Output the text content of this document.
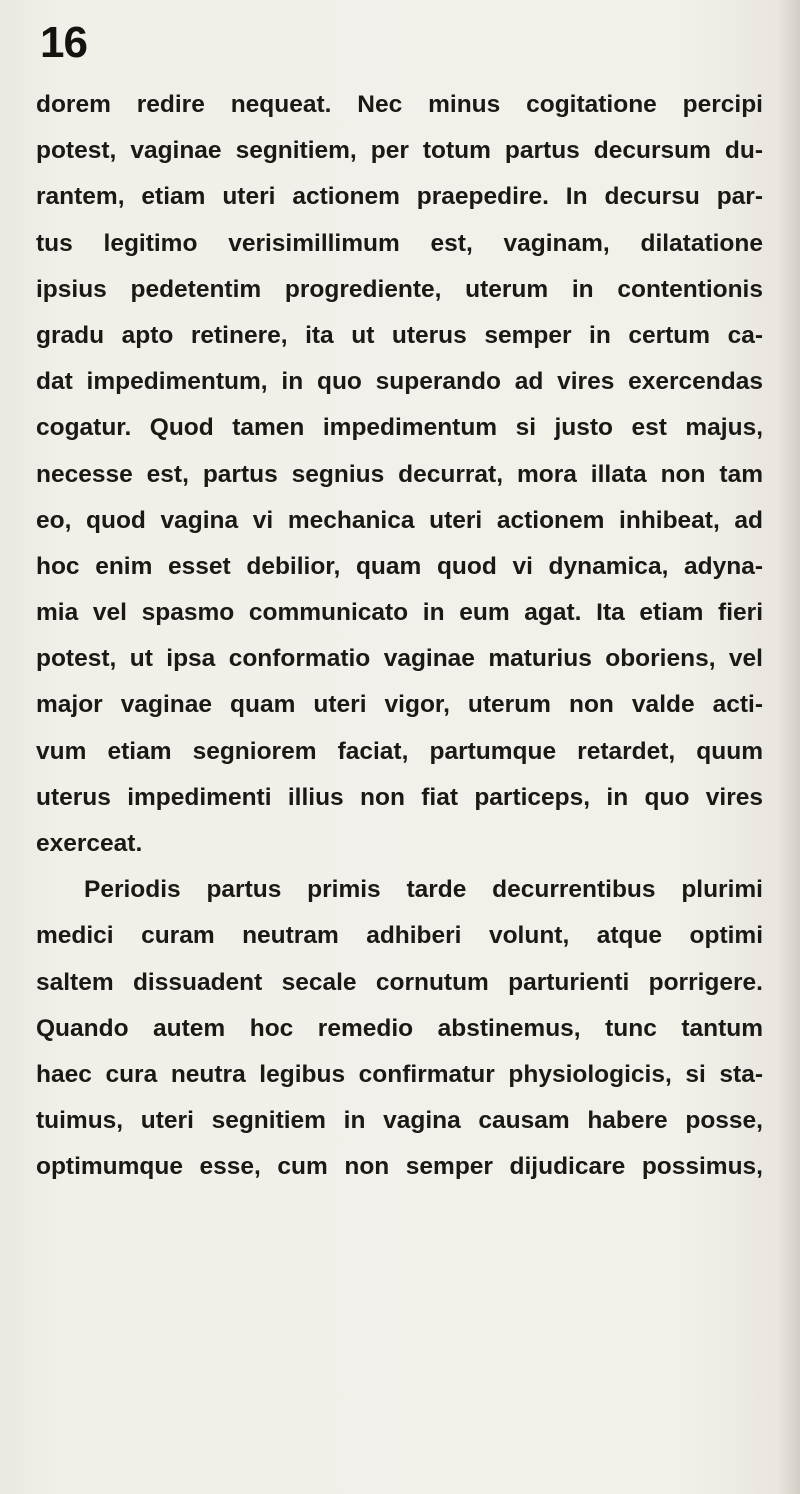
16
dorem redire nequeat. Nec minus cogitatione percipi
potest, vaginae segnitiem, per totum partus decursum du-
rantem, etiam uteri actionem praepedire. In decursu par-
tus legitimo verisimillimum est, vaginam, dilatatione
ipsius pedetentim progrediente, uterum in contentionis
gradu apto retinere, ita ut uterus semper in certum ca-
dat impedimentum, in quo superando ad vires exercendas
cogatur. Quod tamen impedimentum si justo est majus,
necesse est, partus segnius decurrat, mora illata non tam
eo, quod vagina vi mechanica uteri actionem inhibeat, ad
hoc enim esset debilior, quam quod vi dynamica, adyna-
mia vel spasmo communicato in eum agat. Ita etiam fieri
potest, ut ipsa conformatio vaginae maturius oboriens, vel
major vaginae quam uteri vigor, uterum non valde acti-
vum etiam segniorem faciat, partumque retardet, quum
uterus impedimenti illius non fiat particeps, in quo vires
exerceat.
Periodis partus primis tarde decurrentibus plurimi
medici curam neutram adhiberi volunt, atque optimi
saltem dissuadent secale cornutum parturienti porrigere.
Quando autem hoc remedio abstinemus, tunc tantum
haec cura neutra legibus confirmatur physiologicis, si sta-
tuimus, uteri segnitiem in vagina causam habere posse,
optimumque esse, cum non semper dijudicare possimus,
